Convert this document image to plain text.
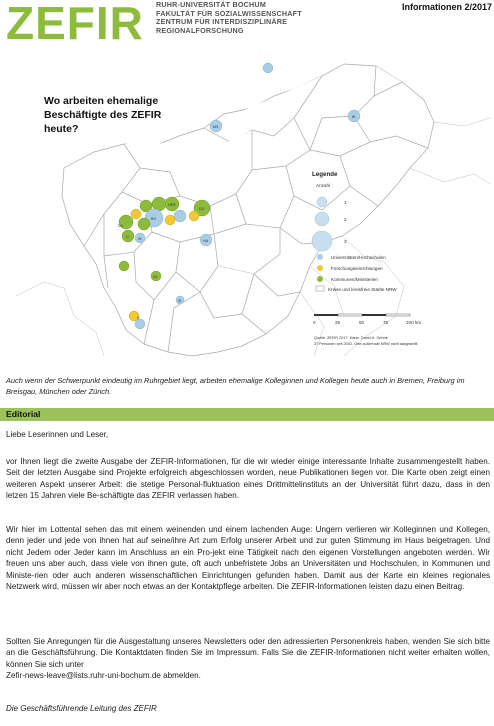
ZEFIR RUHR-UNIVERSITÄT BOCHUM
FAKULTÄT FÜR SOZIALWISSENSCHAFT
ZENTRUM FÜR INTERDISZIPLINÄRE
REGIONALFORSCHUNG
Informationen 2/2017
MS
BI
DU
BO
HER
DO
HA
D	W
GL
SI
K
Legende
Anzahl
1
2
3
Universitäten/Hochschulen
Forschungseinrichtungen
Kommunen/Ministerien
Kreise und kreisfreie Städte NRW
0	25	50	75	100 km
Quelle: ZEFIR 2017. Karte: David H. Gehne
37 Personen seit 2002, Orte außerhalb NRW nicht dargestellt.
Wo arbeiten ehemalige
Beschäftigte des ZEFIR
heute?
Auch wenn der Schwerpunkt eindeutig im Ruhrgebiet liegt, arbeiten ehemalige Kolleginnen und Kollegen heute auch in Bremen, Freiburg im Breisgau, München oder Zürich.
Editorial
Liebe Leserinnen und Leser,
vor Ihnen liegt die zweite Ausgabe der ZEFIR-Informationen, für die wir wieder einige interessante Inhalte zusammengestellt haben. Seit der letzten Ausgabe sind Projekte erfolgreich abgeschlossen worden, neue Publikationen liegen vor. Die Karte oben zeigt einen weiteren Aspekt unserer Arbeit: die stetige Personal-fluktuation eines Drittmittelinstituts an der Universität führt dazu, dass in den letzen 15 Jahren viele Be-schäftigte das ZEFIR verlassen haben.
Wir hier im Lottental sehen das mit einem weinenden und einem lachenden Auge: Ungern verlieren wir Kolleginnen und Kollegen, denn jeder und jede von ihnen hat auf seine/ihre Art zum Erfolg unserer Arbeit und zur guten Stimmung im Haus beigetragen. Und nicht Jedem oder Jeder kann im Anschluss an ein Pro-jekt eine Tätigkeit nach den eigenen Vorstellungen angeboten werden. Wir freuen uns aber auch, dass viele von ihnen gute, oft auch unbefristete Jobs an Universitäten und Hochschulen, in Kommunen und Ministe-rien oder auch anderen wissenschaftlichen Einrichtungen gefunden haben. Damit aus der Karte ein kleines regionales Netzwerk wird, müssen wir aber noch etwas an der Kontaktpflege arbeiten. Die ZEFIR-Informationen leisten dazu einen Beitrag.
Sollten Sie Anregungen für die Ausgestaltung unseres Newsletters oder den adressierten Personenkreis haben, wenden Sie sich bitte an die Geschäftsführung. Die Kontaktdaten finden Sie im Impressum. Falls Sie die ZEFIR-Informationen nicht weiter erhalten wollen, können Sie sich unter
Zefir-news-leave@lists.ruhr-uni-bochum.de abmelden.
Die Geschäftsführende Leitung des ZEFIR
